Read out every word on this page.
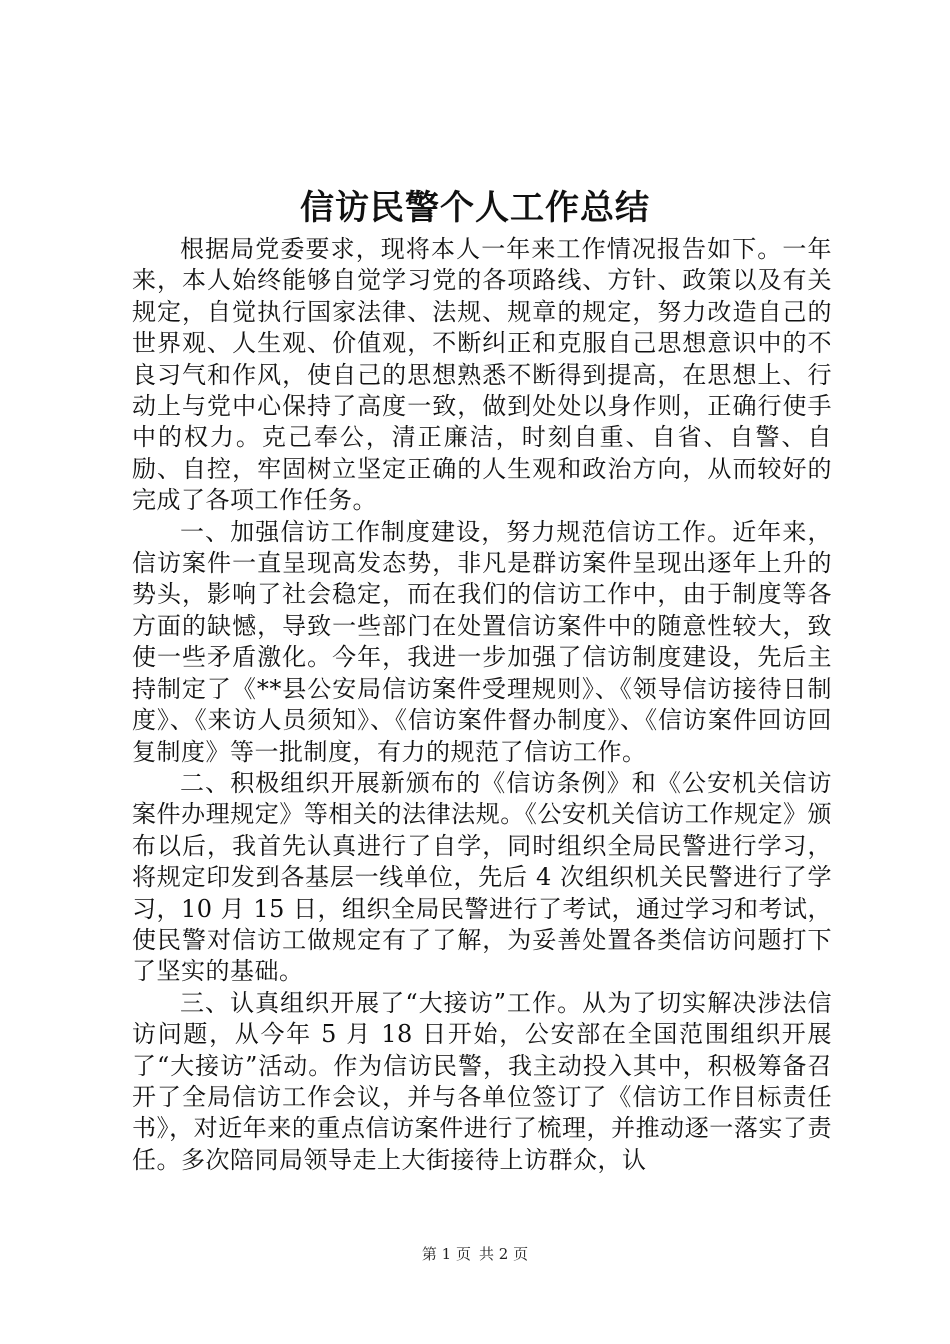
信访民警个人工作总结

根据局党委要求，现将本人一年来工作情况报告如下。一年来，本人始终能够自觉学习党的各项路线、方针、政策以及有关规定，自觉执行国家法律、法规、规章的规定，努力改造自己的世界观、人生观、价值观，不断纠正和克服自己思想意识中的不良习气和作风，使自己的思想熟悉不断得到提高，在思想上、行动上与党中心保持了高度一致，做到处处以身作则，正确行使手中的权力。克己奉公，清正廉洁，时刻自重、自省、自警、自励、自控，牢固树立坚定正确的人生观和政治方向，从而较好的完成了各项工作任务。

一、加强信访工作制度建设，努力规范信访工作。近年来，信访案件一直呈现高发态势，非凡是群访案件呈现出逐年上升的势头，影响了社会稳定，而在我们的信访工作中，由于制度等各方面的缺憾，导致一些部门在处置信访案件中的随意性较大，致使一些矛盾激化。今年，我进一步加强了信访制度建设，先后主持制定了《**县公安局信访案件受理规则》、《领导信访接待日制度》、《来访人员须知》、《信访案件督办制度》、《信访案件回访回复制度》等一批制度，有力的规范了信访工作。

二、积极组织开展新颁布的《信访条例》和《公安机关信访案件办理规定》等相关的法律法规。《公安机关信访工作规定》颁布以后，我首先认真进行了自学，同时组织全局民警进行学习，将规定印发到各基层一线单位，先后 4 次组织机关民警进行了学习，10 月 15 日，组织全局民警进行了考试，通过学习和考试，使民警对信访工做规定有了了解，为妥善处置各类信访问题打下了坚实的基础。

三、认真组织开展了“大接访”工作。从为了切实解决涉法信访问题，从今年 5 月 18 日开始，公安部在全国范围组织开展了“大接访”活动。作为信访民警，我主动投入其中，积极筹备召开了全局信访工作会议，并与各单位签订了《信访工作目标责任书》，对近年来的重点信访案件进行了梳理，并推动逐一落实了责任。多次陪同局领导走上大街接待上访群众，认

第 1 页 共 2 页
